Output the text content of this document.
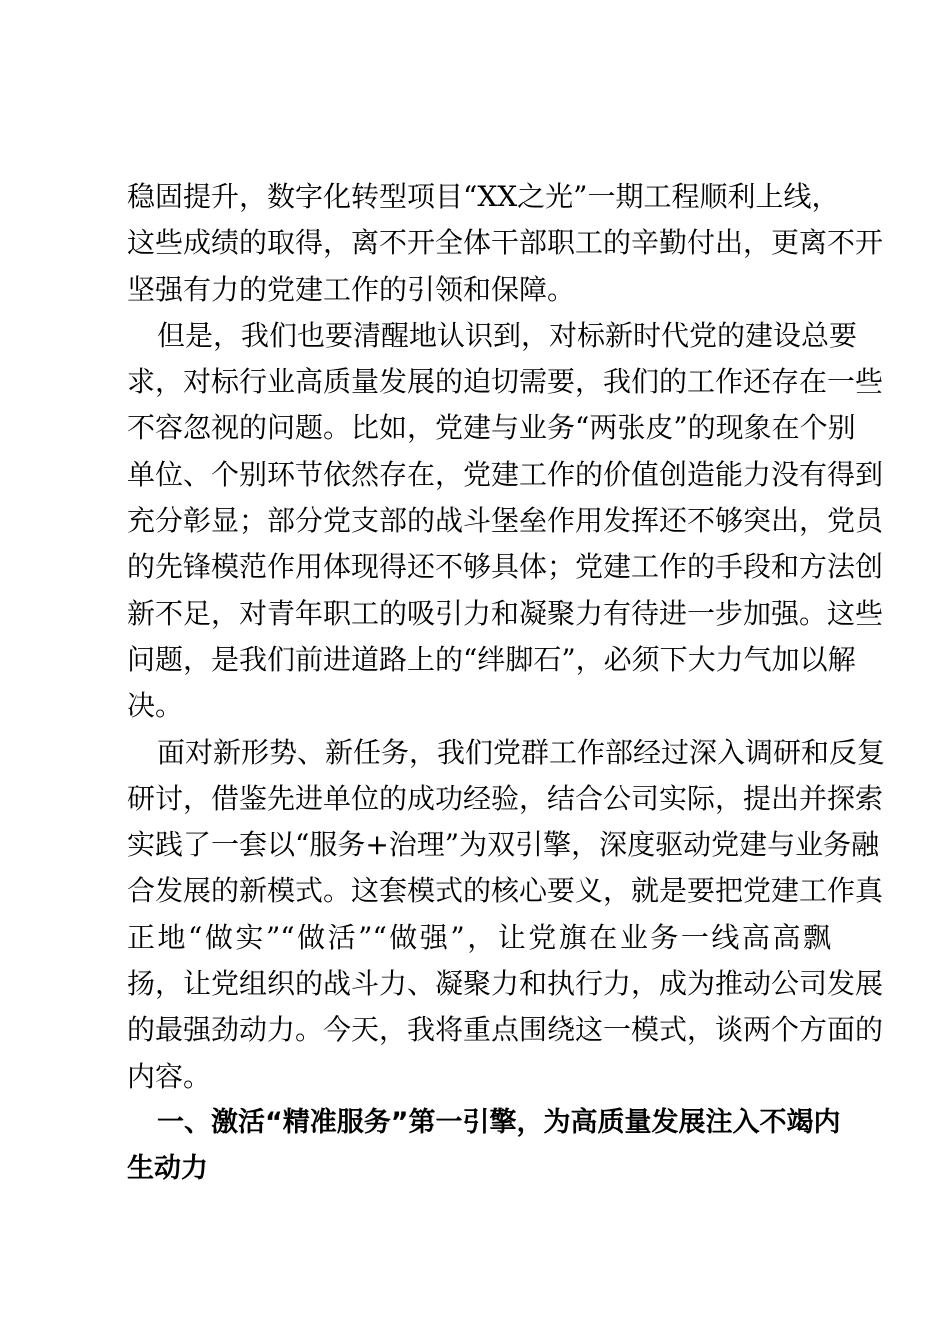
稳固提升，数字化转型项目“XX之光”一期工程顺利上线，
这些成绩的取得，离不开全体干部职工的辛勤付出，更离不开
坚强有力的党建工作的引领和保障。
但是，我们也要清醒地认识到，对标新时代党的建设总要
求，对标行业高质量发展的迫切需要，我们的工作还存在一些
不容忽视的问题。比如，党建与业务“两张皮”的现象在个别
单位、个别环节依然存在，党建工作的价值创造能力没有得到
充分彰显；部分党支部的战斗堡垒作用发挥还不够突出，党员
的先锋模范作用体现得还不够具体；党建工作的手段和方法创
新不足，对青年职工的吸引力和凝聚力有待进一步加强。这些
问题，是我们前进道路上的“绊脚石”，必须下大力气加以解
决。
面对新形势、新任务，我们党群工作部经过深入调研和反复
研讨，借鉴先进单位的成功经验，结合公司实际，提出并探索
实践了一套以“服务+治理”为双引擎，深度驱动党建与业务融
合发展的新模式。这套模式的核心要义，就是要把党建工作真
正地“做实”“做活”“做强”，让党旗在业务一线高高飘
扬，让党组织的战斗力、凝聚力和执行力，成为推动公司发展
的最强劲动力。今天，我将重点围绕这一模式，谈两个方面的
内容。
一、激活“精准服务”第一引擎，为高质量发展注入不竭内
生动力
